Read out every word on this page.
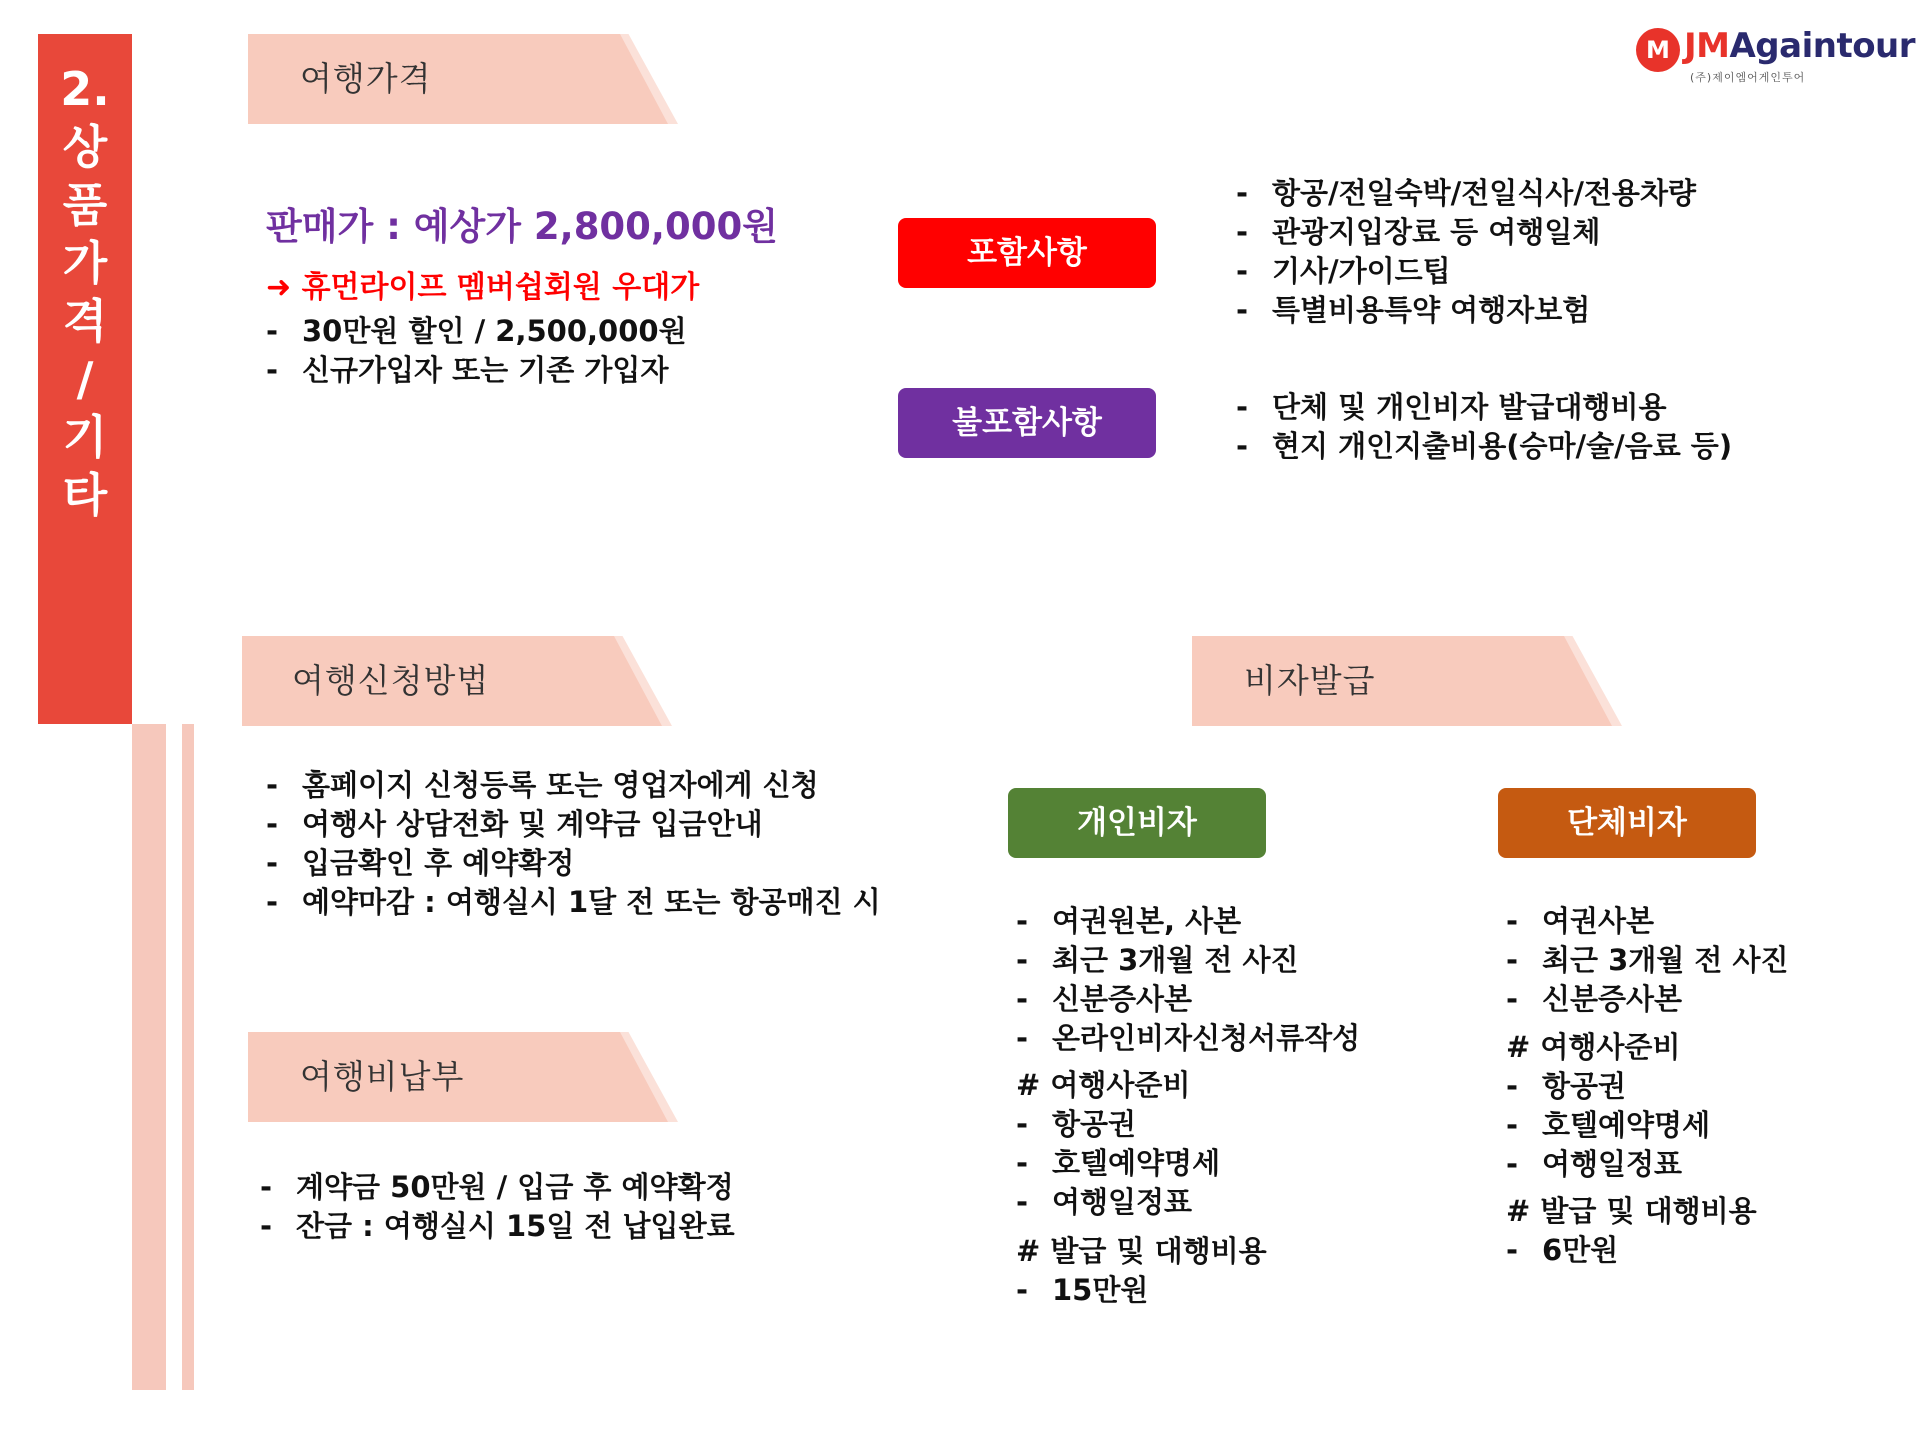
2.
상
품
가
격
/
기
타
M JMAgaintour
(주)제이엠어게인투어
여행가격
판매가 : 예상가 2,800,000원
➜ 휴먼라이프 멤버쉽회원 우대가
- 30만원 할인 / 2,500,000원
- 신규가입자 또는 기존 가입자
포함사항
- 항공/전일숙박/전일식사/전용차량
- 관광지입장료 등 여행일체
- 기사/가이드팁
- 특별비용특약 여행자보험
불포함사항
-	단체 및 개인비자 발급대행비용
- 현지 개인지출비용(승마/술/음료 등)
여행신청방법
- 홈페이지 신청등록 또는 영업자에게 신청
- 여행사 상담전화 및 계약금 입금안내
- 입금확인 후 예약확정
- 예약마감 : 여행실시 1달 전 또는 항공매진 시
여행비납부
- 계약금 50만원 / 입금 후 예약확정
- 잔금 : 여행실시 15일 전 납입완료
비자발급
개인비자
- 여권원본, 사본
- 최근 3개월 전 사진
- 신분증사본
- 온라인비자신청서류작성
# 여행사준비
- 항공권
- 호텔예약명세
- 여행일정표
# 발급 및 대행비용
- 15만원
단체비자
- 여권사본
- 최근 3개월 전 사진
- 신분증사본
# 여행사준비
- 항공권
- 호텔예약명세
- 여행일정표
# 발급 및 대행비용
- 6만원
